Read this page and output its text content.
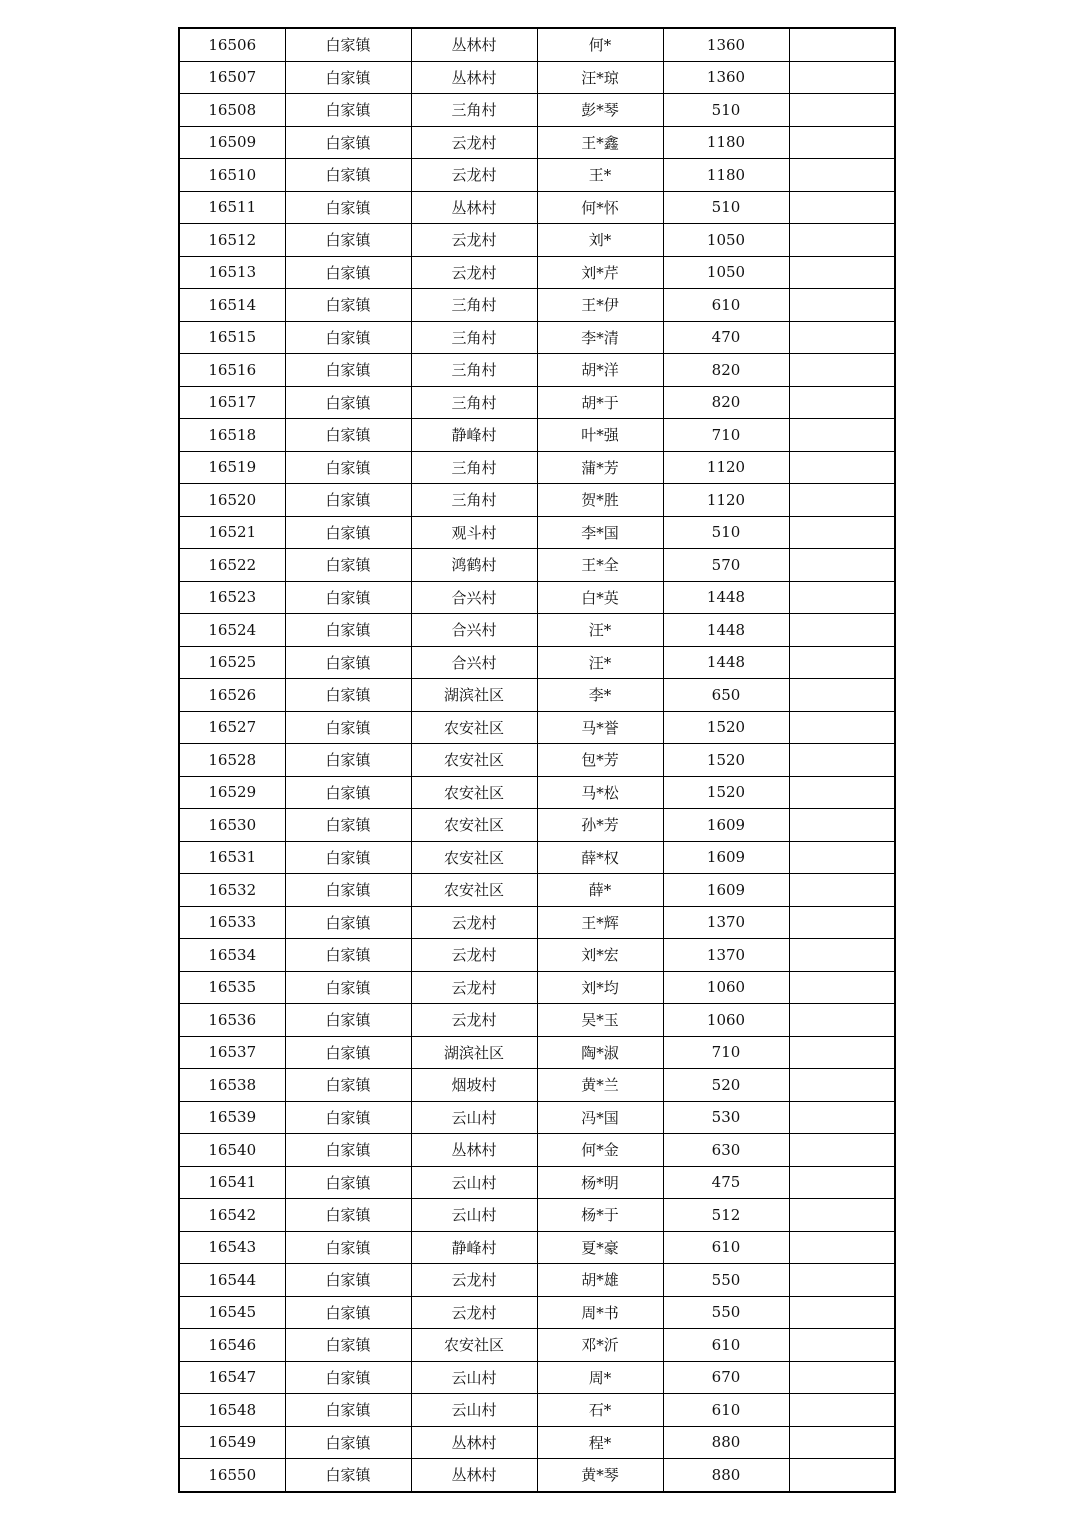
16506	白家镇	丛林村	何*	1360	
16507	白家镇	丛林村	汪*琼	1360	
16508	白家镇	三角村	彭*琴	510	
16509	白家镇	云龙村	王*鑫	1180	
16510	白家镇	云龙村	王*	1180	
16511	白家镇	丛林村	何*怀	510	
16512	白家镇	云龙村	刘*	1050	
16513	白家镇	云龙村	刘*芹	1050	
16514	白家镇	三角村	王*伊	610	
16515	白家镇	三角村	李*清	470	
16516	白家镇	三角村	胡*洋	820	
16517	白家镇	三角村	胡*于	820	
16518	白家镇	静峰村	叶*强	710	
16519	白家镇	三角村	蒲*芳	1120	
16520	白家镇	三角村	贺*胜	1120	
16521	白家镇	观斗村	李*国	510	
16522	白家镇	鸿鹤村	王*全	570	
16523	白家镇	合兴村	白*英	1448	
16524	白家镇	合兴村	汪*	1448	
16525	白家镇	合兴村	汪*	1448	
16526	白家镇	湖滨社区	李*	650	
16527	白家镇	农安社区	马*誉	1520	
16528	白家镇	农安社区	包*芳	1520	
16529	白家镇	农安社区	马*松	1520	
16530	白家镇	农安社区	孙*芳	1609	
16531	白家镇	农安社区	薛*权	1609	
16532	白家镇	农安社区	薛*	1609	
16533	白家镇	云龙村	王*辉	1370	
16534	白家镇	云龙村	刘*宏	1370	
16535	白家镇	云龙村	刘*均	1060	
16536	白家镇	云龙村	吴*玉	1060	
16537	白家镇	湖滨社区	陶*淑	710	
16538	白家镇	烟坡村	黄*兰	520	
16539	白家镇	云山村	冯*国	530	
16540	白家镇	丛林村	何*金	630	
16541	白家镇	云山村	杨*明	475	
16542	白家镇	云山村	杨*于	512	
16543	白家镇	静峰村	夏*豪	610	
16544	白家镇	云龙村	胡*雄	550	
16545	白家镇	云龙村	周*书	550	
16546	白家镇	农安社区	邓*沂	610	
16547	白家镇	云山村	周*	670	
16548	白家镇	云山村	石*	610	
16549	白家镇	丛林村	程*	880	
16550	白家镇	丛林村	黄*琴	880	
